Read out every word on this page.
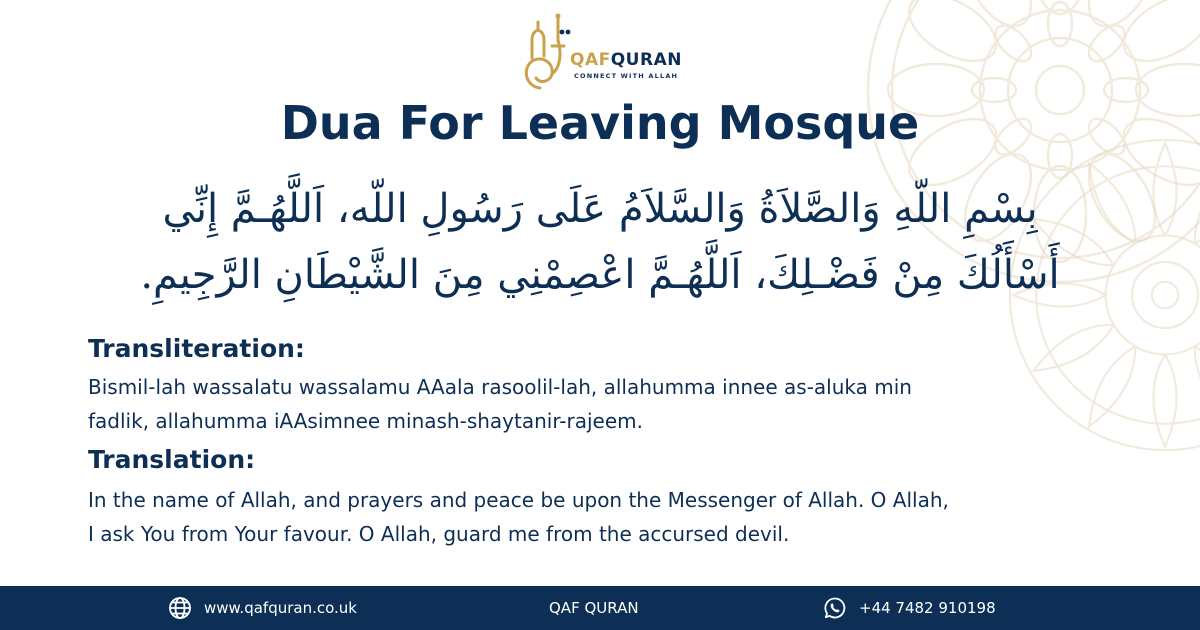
QAFQURAN
CONNECT WITH ALLAH
Dua For Leaving Mosque

بِسْمِ اللّهِ وَالصَّلاَةُ وَالسَّلاَمُ عَلَى رَسُولِ اللّه، اَللَّهُـمَّ إِنِّي
أَسْأَلُكَ مِنْ فَضْـلِكَ، اَللَّهُـمَّ اعْصِمْنِي مِنَ الشَّيْطَانِ الرَّجِيمِ.

Transliteration:

Bismil-lah wassalatu wassalamu AAala rasoolil-lah, allahumma innee as-aluka min
fadlik, allahumma iAAsimnee minash-shaytanir-rajeem.

Translation:

In the name of Allah, and prayers and peace be upon the Messenger of Allah. O Allah,
I ask You from Your favour. O Allah, guard me from the accursed devil.

www.qafquran.co.uk	QAF QURAN	+44 7482 910198
